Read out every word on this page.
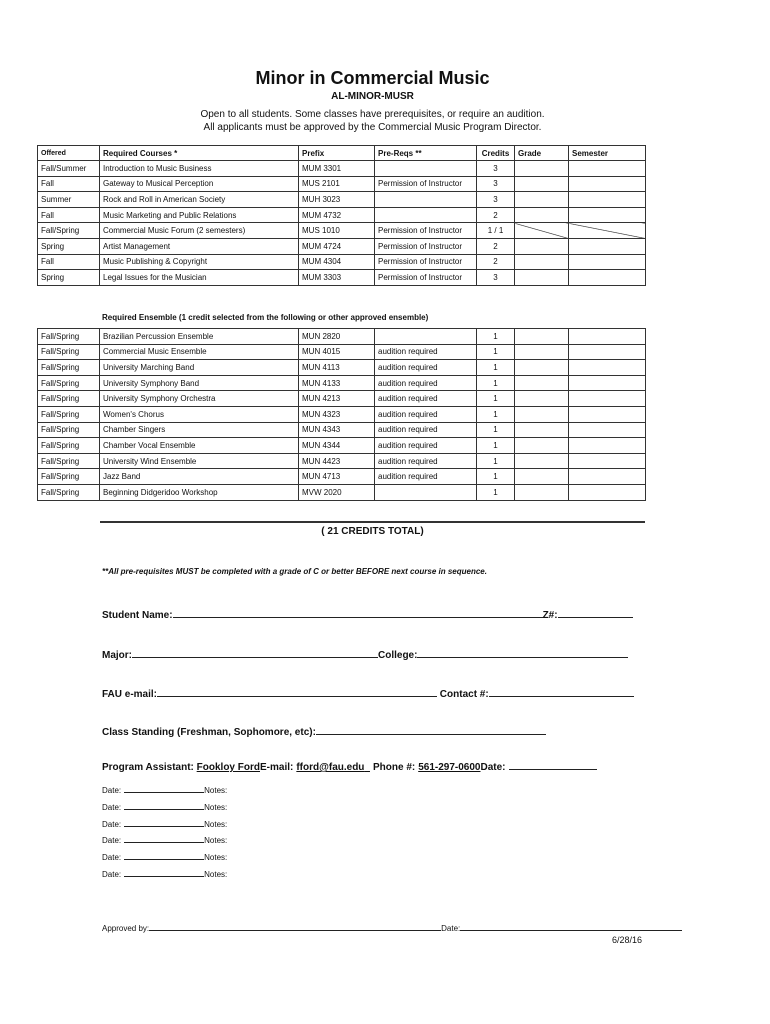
Minor in Commercial Music
AL-MINOR-MUSR
Open to all students. Some classes have prerequisites, or require an audition.
All applicants must be approved by the Commercial Music Program Director.
Offered	Required Courses *	Prefix	Pre-Reqs **	Credits	Grade	Semester
Fall/Summer	Introduction to Music Business	MUM 3301		3		
Fall	Gateway to Musical Perception	MUS 2101	Permission of Instructor	3		
Summer	Rock and Roll in American Society	MUH 3023		3		
Fall	Music Marketing and Public Relations	MUM 4732		2		
Fall/Spring	Commercial Music Forum (2 semesters)	MUS 1010	Permission of Instructor	1 / 1		
Spring	Artist Management	MUM 4724	Permission of Instructor	2		
Fall	Music Publishing & Copyright	MUM 4304	Permission of Instructor	2		
Spring	Legal Issues for the Musician	MUM 3303	Permission of Instructor	3		
Required Ensemble (1 credit selected from the following or other approved ensemble)
Fall/Spring	Brazilian Percussion Ensemble	MUN 2820		1		
Fall/Spring	Commercial Music Ensemble	MUN 4015	audition required	1		
Fall/Spring	University Marching Band	MUN 4113	audition required	1		
Fall/Spring	University Symphony Band	MUN 4133	audition required	1		
Fall/Spring	University Symphony Orchestra	MUN 4213	audition required	1		
Fall/Spring	Women's Chorus	MUN 4323	audition required	1		
Fall/Spring	Chamber Singers	MUN 4343	audition required	1		
Fall/Spring	Chamber Vocal Ensemble	MUN 4344	audition required	1		
Fall/Spring	University Wind Ensemble	MUN 4423	audition required	1		
Fall/Spring	Jazz Band	MUN 4713	audition required	1		
Fall/Spring	Beginning Didgeridoo Workshop	MVW 2020		1		
( 21 CREDITS TOTAL)
**All pre-requisites MUST be completed with a grade of C or better BEFORE next course in sequence.
Student Name:	Z#:
Major:	College:
FAU e-mail:	Contact #:
Class Standing (Freshman, Sophomore, etc):
Program Assistant: Fookloy FordE-mail: fford@fau.edu Phone #: 561-297-0600Date:
Date:	Notes:
Date:	Notes:
Date:	Notes:
Date:	Notes:
Date:	Notes:
Date:	Notes:
Approved by:	Date:
6/28/16
